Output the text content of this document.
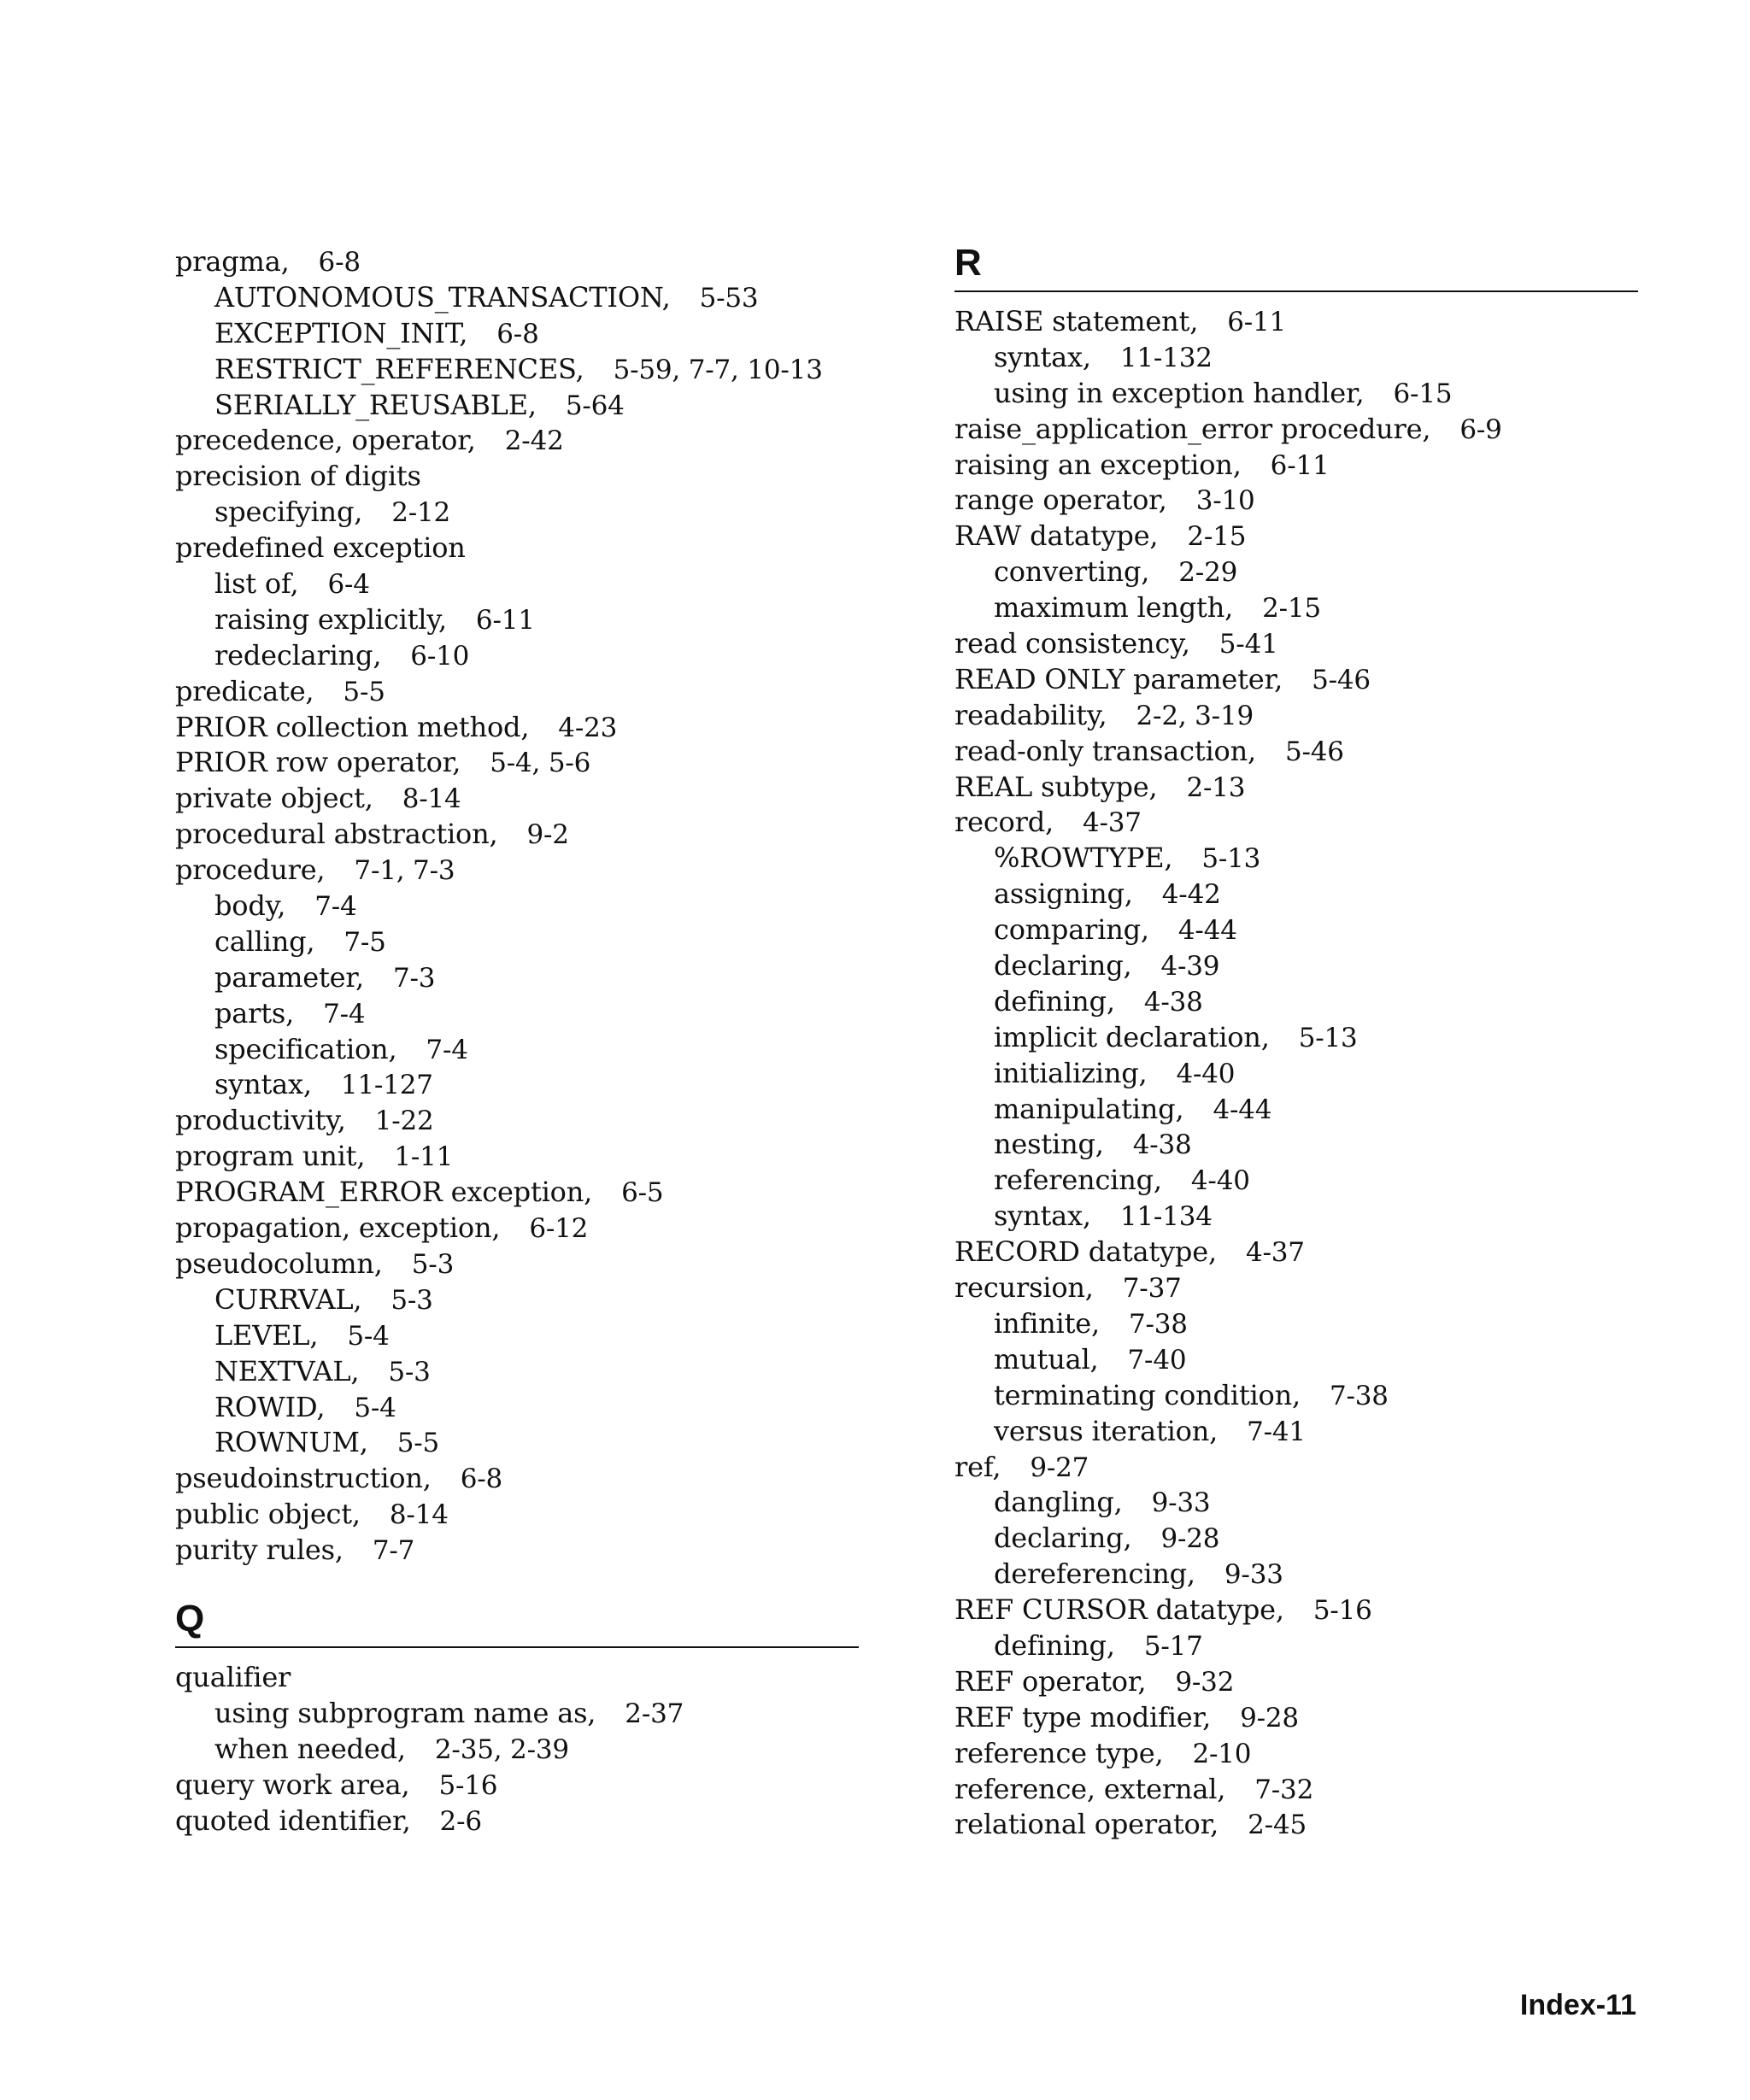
pragma, 6-8
AUTONOMOUS_TRANSACTION, 5-53
EXCEPTION_INIT, 6-8
RESTRICT_REFERENCES, 5-59, 7-7, 10-13
SERIALLY_REUSABLE, 5-64
precedence, operator, 2-42
precision of digits
specifying, 2-12
predefined exception
list of, 6-4
raising explicitly, 6-11
redeclaring, 6-10
predicate, 5-5
PRIOR collection method, 4-23
PRIOR row operator, 5-4, 5-6
private object, 8-14
procedural abstraction, 9-2
procedure, 7-1, 7-3
body, 7-4
calling, 7-5
parameter, 7-3
parts, 7-4
specification, 7-4
syntax, 11-127
productivity, 1-22
program unit, 1-11
PROGRAM_ERROR exception, 6-5
propagation, exception, 6-12
pseudocolumn, 5-3
CURRVAL, 5-3
LEVEL, 5-4
NEXTVAL, 5-3
ROWID, 5-4
ROWNUM, 5-5
pseudoinstruction, 6-8
public object, 8-14
purity rules, 7-7
Q
qualifier
using subprogram name as, 2-37
when needed, 2-35, 2-39
query work area, 5-16
quoted identifier, 2-6
R
RAISE statement, 6-11
syntax, 11-132
using in exception handler, 6-15
raise_application_error procedure, 6-9
raising an exception, 6-11
range operator, 3-10
RAW datatype, 2-15
converting, 2-29
maximum length, 2-15
read consistency, 5-41
READ ONLY parameter, 5-46
readability, 2-2, 3-19
read-only transaction, 5-46
REAL subtype, 2-13
record, 4-37
%ROWTYPE, 5-13
assigning, 4-42
comparing, 4-44
declaring, 4-39
defining, 4-38
implicit declaration, 5-13
initializing, 4-40
manipulating, 4-44
nesting, 4-38
referencing, 4-40
syntax, 11-134
RECORD datatype, 4-37
recursion, 7-37
infinite, 7-38
mutual, 7-40
terminating condition, 7-38
versus iteration, 7-41
ref, 9-27
dangling, 9-33
declaring, 9-28
dereferencing, 9-33
REF CURSOR datatype, 5-16
defining, 5-17
REF operator, 9-32
REF type modifier, 9-28
reference type, 2-10
reference, external, 7-32
relational operator, 2-45
Index-11
